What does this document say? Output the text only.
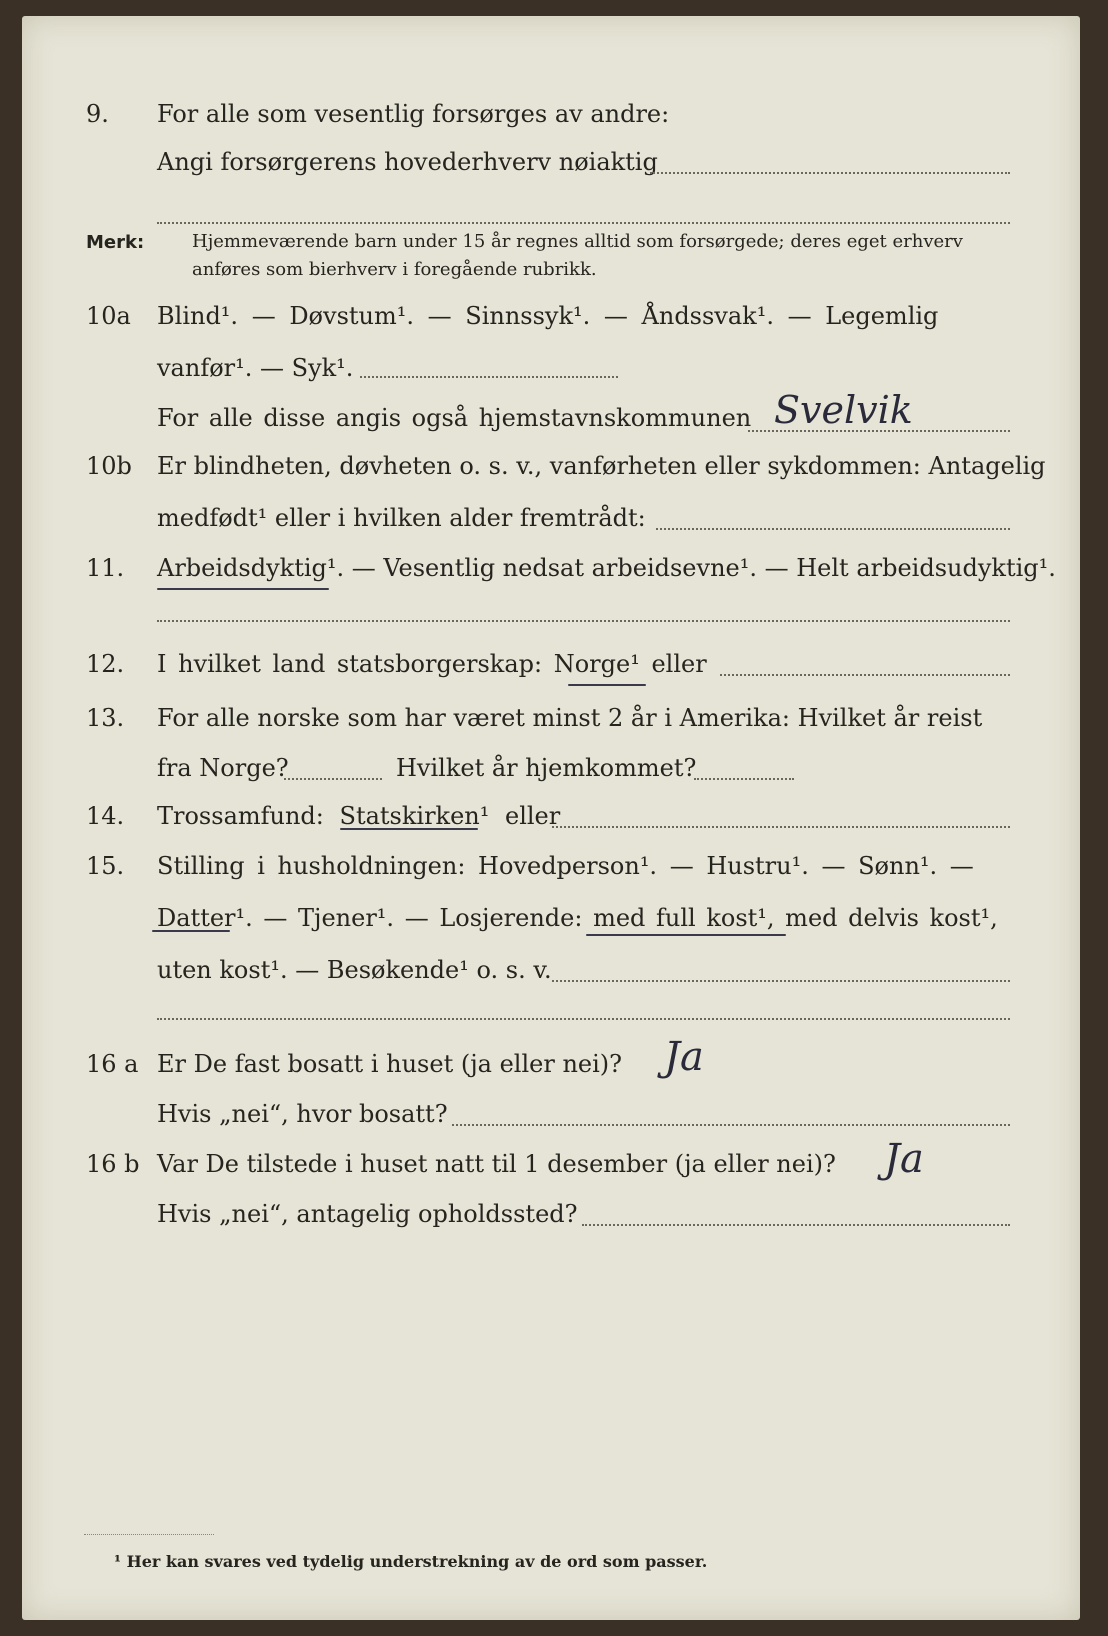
9. For alle som vesentlig forsørges av andre:
Angi forsørgerens hovederhverv nøiaktig
Merk:	Hjemmeværende barn under 15 år regnes alltid som forsørgede; deres eget erhverv
anføres som bierhverv i foregående rubrikk.
10a Blind¹. — Døvstum¹. — Sinnssyk¹. — Åndssvak¹. — Legemlig
vanfør¹. — Syk¹.
For alle disse angis også hjemstavnskommunen Svelvik
10b Er blindheten, døvheten o. s. v., vanførheten eller sykdommen: Antagelig
medfødt¹ eller i hvilken alder fremtrådt:
11. Arbeidsdyktig¹. — Vesentlig nedsat arbeidsevne¹. — Helt arbeidsudyktig¹.
12. I hvilket land statsborgerskap: Norge¹ eller
13. For alle norske som har været minst 2 år i Amerika: Hvilket år reist
fra Norge?	Hvilket år hjemkommet?
14. Trossamfund: Statskirken¹ eller
15. Stilling i husholdningen: Hovedperson¹. — Hustru¹. — Sønn¹. —
Datter¹. — Tjener¹. — Losjerende: med full kost¹, med delvis kost¹,
uten kost¹. — Besøkende¹ o. s. v.
16 a Er De fast bosatt i huset (ja eller nei)? Ja
Hvis „nei“, hvor bosatt?
16 b Var De tilstede i huset natt til 1 desember (ja eller nei)? Ja
Hvis „nei“, antagelig opholdssted?
¹ Her kan svares ved tydelig understrekning av de ord som passer.
